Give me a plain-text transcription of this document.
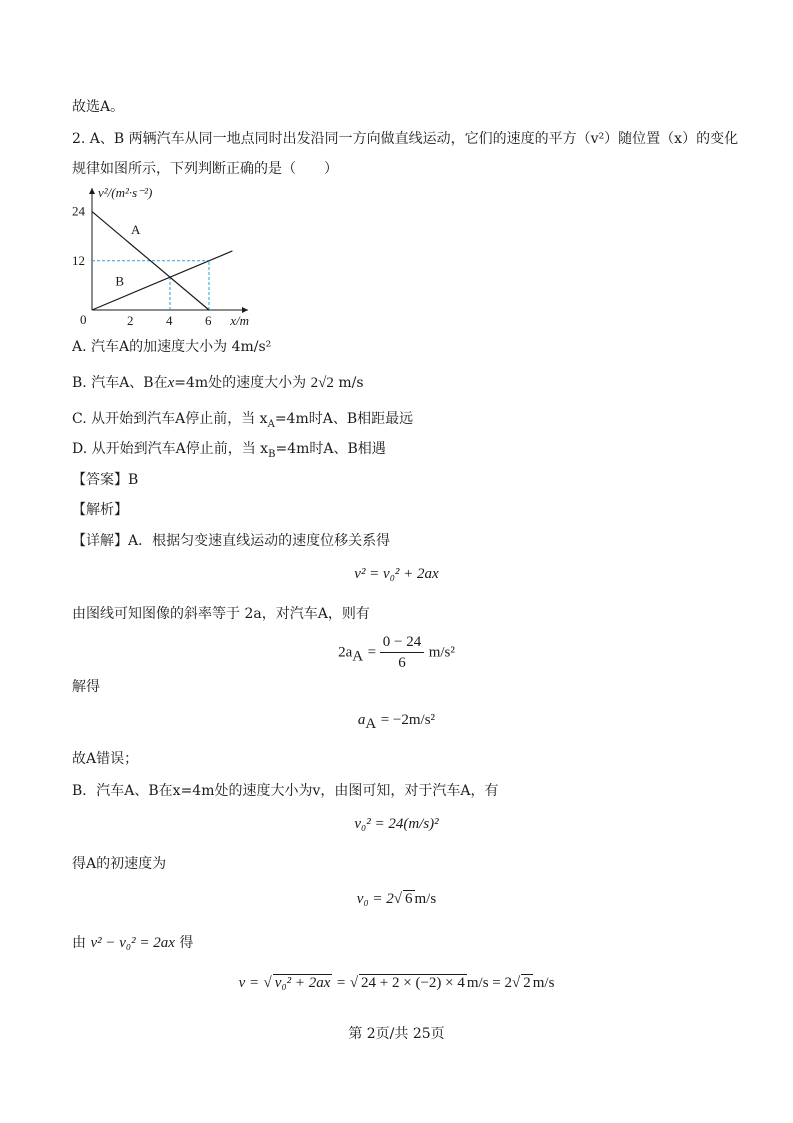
故选A。
2. A、B 两辆汽车从同一地点同时出发沿同一方向做直线运动，它们的速度的平方（v²）随位置（x）的变化
规律如图所示，下列判断正确的是（　　）
A
B
2	4	6
12
24
0	x/m
v²/(m²·s⁻²)
A. 汽车A的加速度大小为 4m/s²
B. 汽车A、B在x=4m处的速度大小为 2√2 m/s
C. 从开始到汽车A停止前，当 $x_A=4m$时A、B相距最远
D. 从开始到汽车A停止前，当 $x_B=4m$时A、B相遇
【答案】B
【解析】
【详解】A．根据匀变速直线运动的速度位移关系得
v² = v₀² + 2ax
由图线可知图像的斜率等于 2a，对汽车A，则有
$2a_A = \frac{0 - 24}{6} m/s^2$
解得
$a_A = -2m/s^2$
故A错误；
B．汽车A、B在x=4m处的速度大小为v，由图可知，对于汽车A，有
v₀² = 24(m/s)²
得A的初速度为
v₀ = 2√ 6 m/s
由 v² − v₀² = 2ax 得
v = √ v₀² + 2ax = √ 24 + 2 × (−2) × 4 m/s = 2√ 2 m/s
第 2页/共 25页
